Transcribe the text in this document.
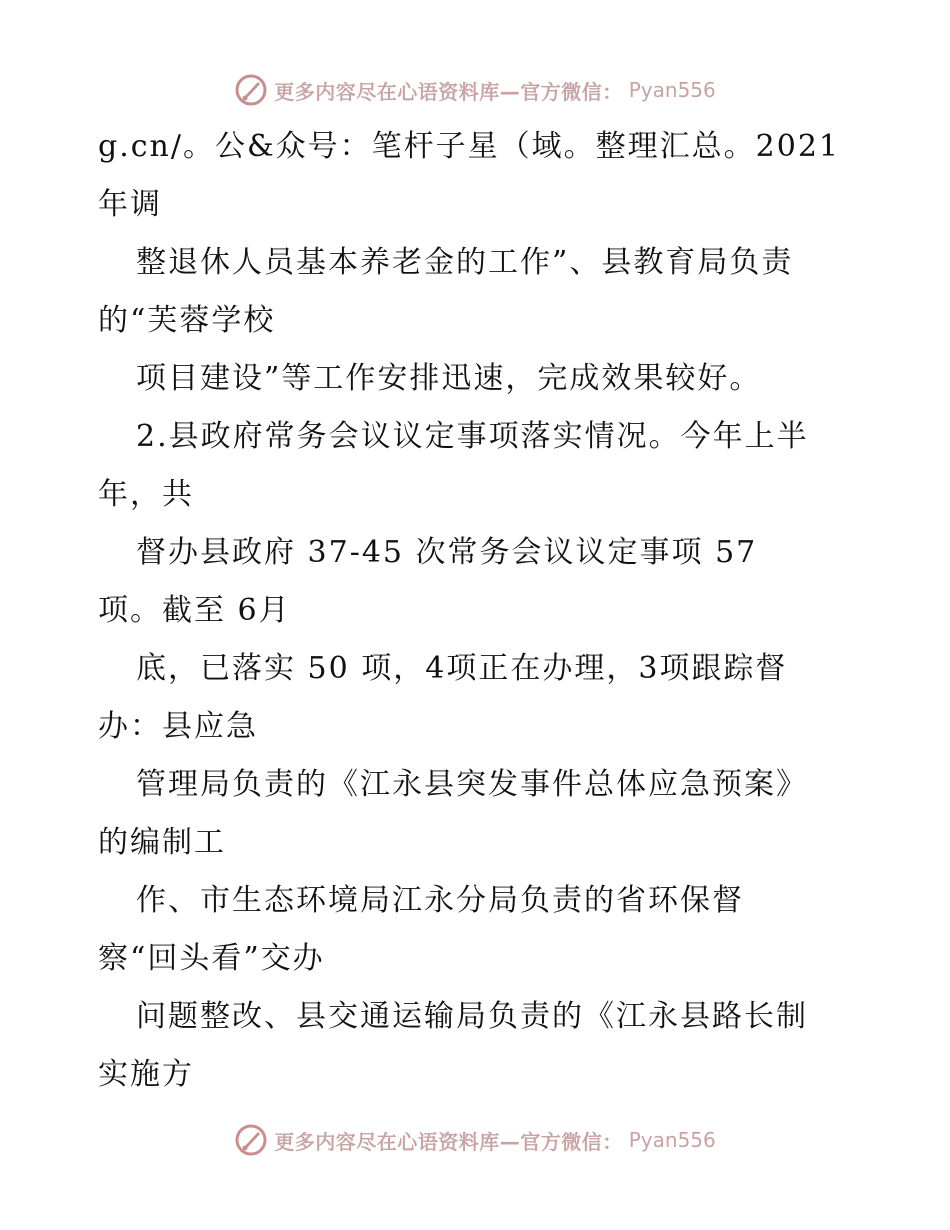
更多内容尽在心语资料库—官方微信： Pyan556
g.cn/。公&众号：笔杆子星（域。整理汇总。2021
年调
整退休人员基本养老金的工作”、县教育局负责
的“芙蓉学校
项目建设”等工作安排迅速，完成效果较好。
2.县政府常务会议议定事项落实情况。今年上半
年，共
督办县政府 37-45 次常务会议议定事项 57
项。截至 6月
底，已落实 50 项，4项正在办理，3项跟踪督
办：县应急
管理局负责的《江永县突发事件总体应急预案》
的编制工
作、市生态环境局江永分局负责的省环保督
察“回头看”交办
问题整改、县交通运输局负责的《江永县路长制
实施方
更多内容尽在心语资料库—官方微信： Pyan556
